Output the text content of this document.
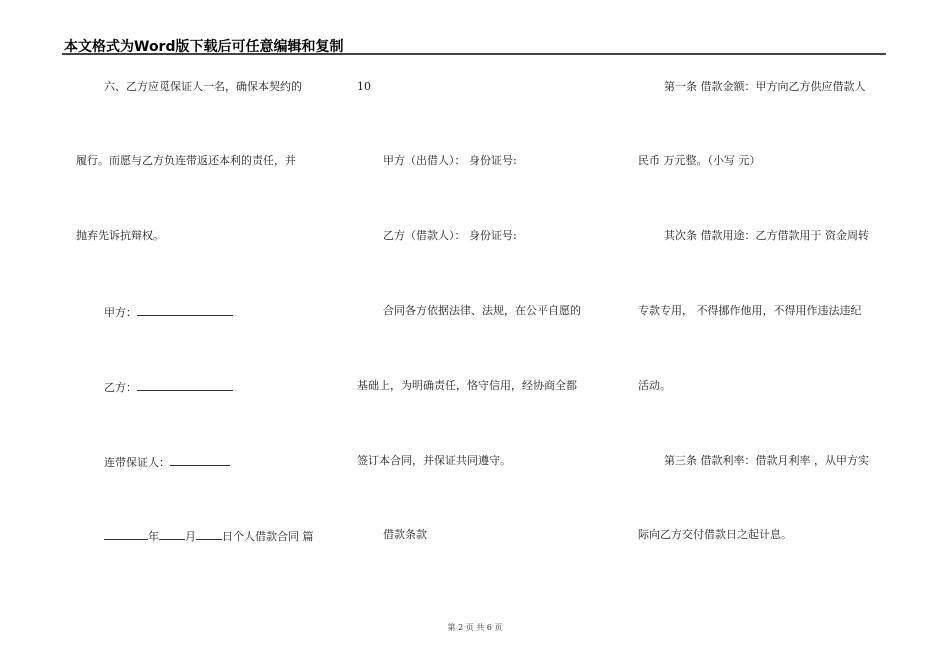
本文格式为Word版下载后可任意编辑和复制
六、乙方应觅保证人一名，确保本契约的
履行。而愿与乙方负连带返还本利的责任，并
抛弃先诉抗辩权。
甲方：
乙方：
连带保证人：
年 月 日个人借款合同 篇
10
甲方（出借人）： 身份证号:
乙方（借款人）： 身份证号:
合同各方依据法律、法规，在公平自愿的
基础上，为明确责任，恪守信用，经协商全都
签订本合同，并保证共同遵守。
借款条款
第一条 借款金额：甲方向乙方供应借款人
民币 万元整。（小写 元）
其次条 借款用途：乙方借款用于 资金周转
专款专用， 不得挪作他用，不得用作违法违纪
活动。
第三条 借款利率：借款月利率 ，从甲方实
际向乙方交付借款日之起计息。
第 2 页 共 6 页
